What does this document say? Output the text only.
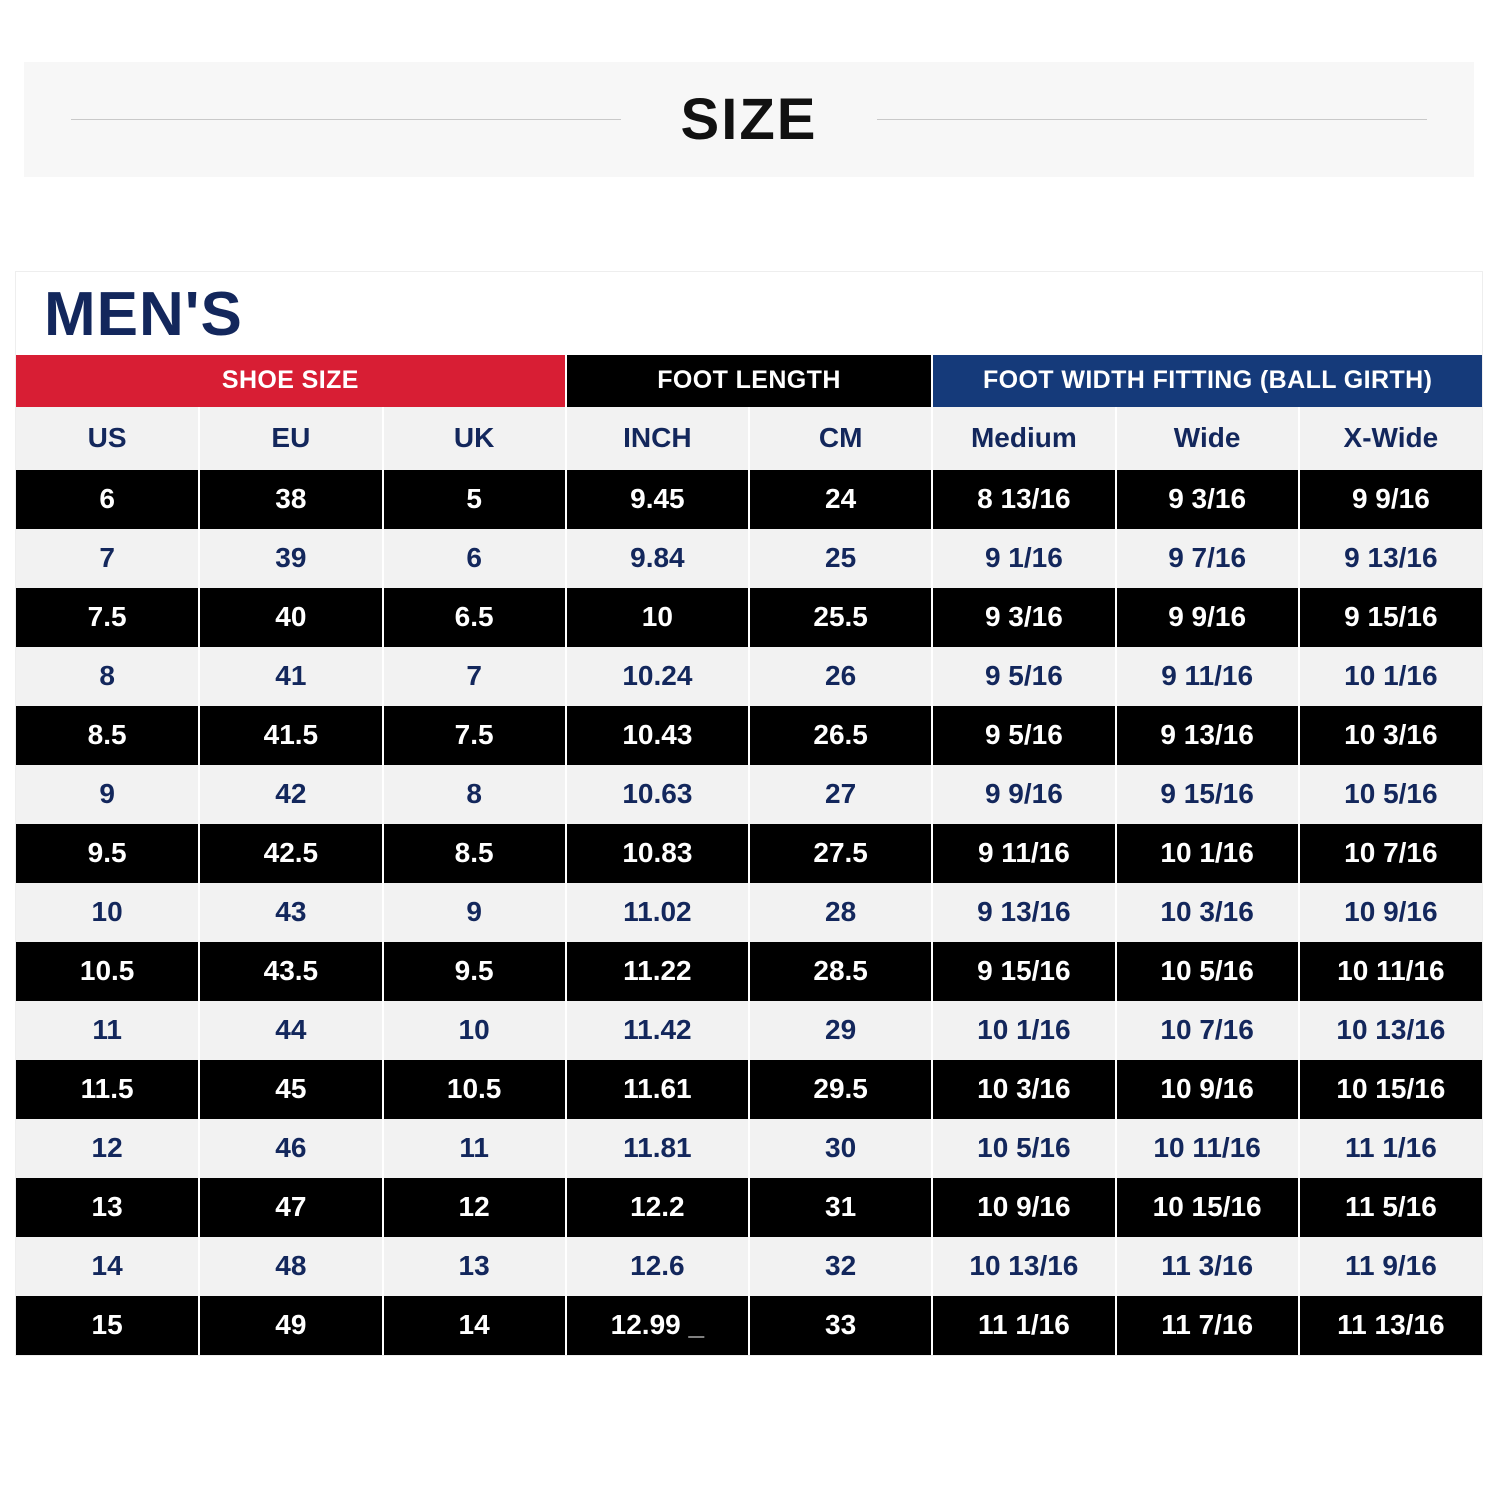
SIZE
MEN'S
SHOE SIZE			FOOT LENGTH		FOOT WIDTH FITTING (BALL GIRTH)		
US	EU	UK	INCH	CM	Medium	Wide	X-Wide
6	38	5	9.45	24	8 13/16	9 3/16	9 9/16
7	39	6	9.84	25	9 1/16	9 7/16	9 13/16
7.5	40	6.5	10	25.5	9 3/16	9 9/16	9 15/16
8	41	7	10.24	26	9 5/16	9 11/16	10 1/16
8.5	41.5	7.5	10.43	26.5	9 5/16	9 13/16	10 3/16
9	42	8	10.63	27	9 9/16	9 15/16	10 5/16
9.5	42.5	8.5	10.83	27.5	9 11/16	10 1/16	10 7/16
10	43	9	11.02	28	9 13/16	10 3/16	10 9/16
10.5	43.5	9.5	11.22	28.5	9 15/16	10 5/16	10 11/16
11	44	10	11.42	29	10 1/16	10 7/16	10 13/16
11.5	45	10.5	11.61	29.5	10 3/16	10 9/16	10 15/16
12	46	11	11.81	30	10 5/16	10 11/16	11 1/16
13	47	12	12.2	31	10 9/16	10 15/16	11 5/16
14	48	13	12.6	32	10 13/16	11 3/16	11 9/16
15	49	14	12.99 _	33	11 1/16	11 7/16	11 13/16
